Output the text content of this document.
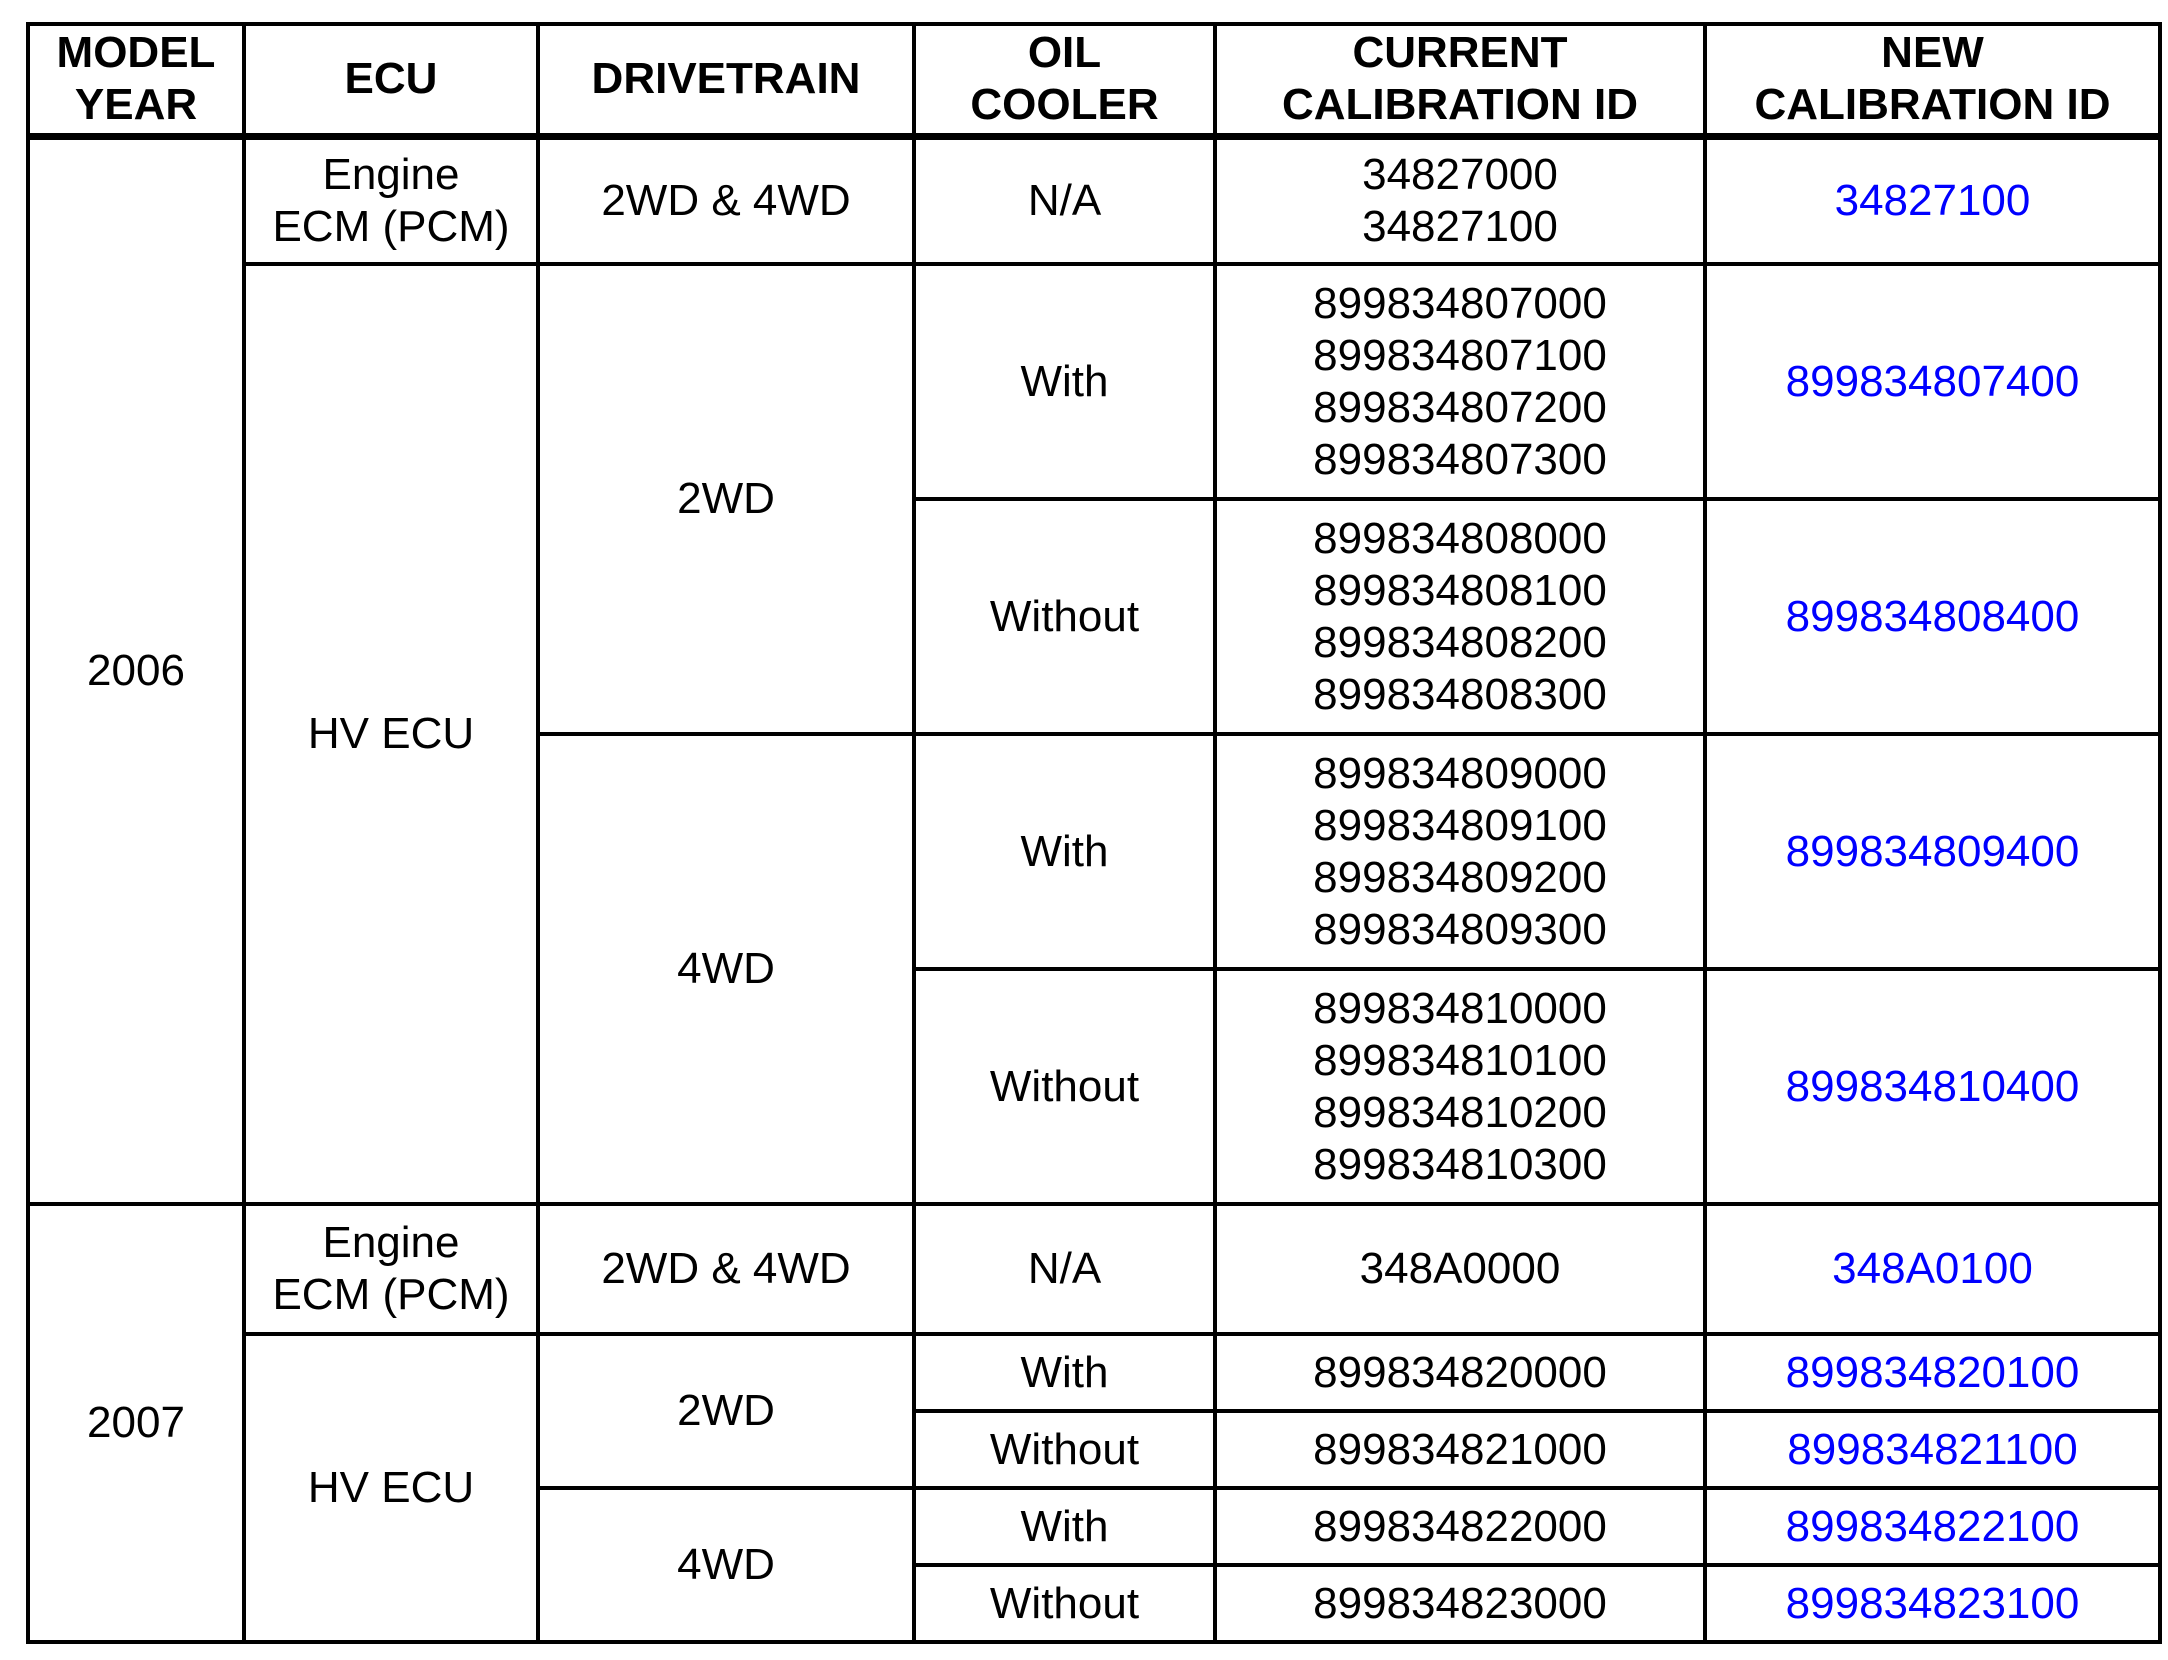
MODEL
YEAR	ECU	DRIVETRAIN	OIL
COOLER	CURRENT
CALIBRATION ID	NEW
CALIBRATION ID

2006	Engine
ECM (PCM)	2WD & 4WD	N/A	34827000
34827100	34827100
	HV ECU	2WD	With	899834807000
899834807100
899834807200
899834807300	899834807400
			Without	899834808000
899834808100
899834808200
899834808300	899834808400
		4WD	With	899834809000
899834809100
899834809200
899834809300	899834809400
			Without	899834810000
899834810100
899834810200
899834810300	899834810400
2007	Engine
ECM (PCM)	2WD & 4WD	N/A	348A0000	348A0100
	HV ECU	2WD	With	899834820000	899834820100
			Without	899834821000	899834821100
		4WD	With	899834822000	899834822100
			Without	899834823000	899834823100
